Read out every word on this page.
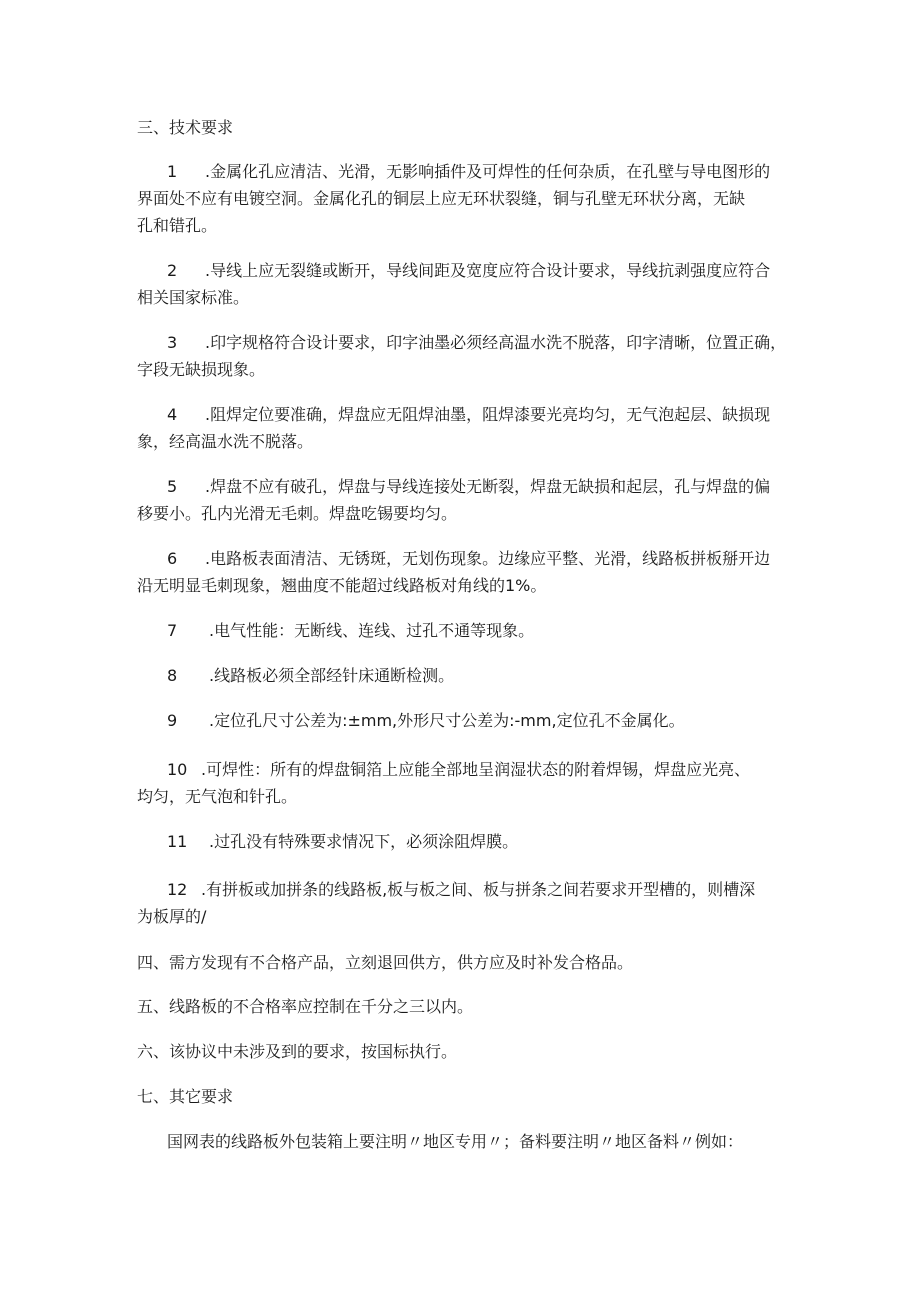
三、技术要求
1 .金属化孔应清洁、光滑，无影响插件及可焊性的任何杂质，在孔壁与导电图形的
界面处不应有电镀空洞。金属化孔的铜层上应无环状裂缝，铜与孔壁无环状分离，无缺
孔和错孔。
2 .导线上应无裂缝或断开，导线间距及宽度应符合设计要求，导线抗剥强度应符合
相关国家标准。
3 .印字规格符合设计要求，印字油墨必须经高温水洗不脱落，印字清晰，位置正确，
字段无缺损现象。
4 .阻焊定位要准确，焊盘应无阻焊油墨，阻焊漆要光亮均匀，无气泡起层、缺损现
象，经高温水洗不脱落。
5 .焊盘不应有破孔，焊盘与导线连接处无断裂，焊盘无缺损和起层，孔与焊盘的偏
移要小。孔内光滑无毛刺。焊盘吃锡要均匀。
6 .电路板表面清洁、无锈斑，无划伤现象。边缘应平整、光滑，线路板拼板掰开边
沿无明显毛刺现象，翘曲度不能超过线路板对角线的1%。
7 .电气性能：无断线、连线、过孔不通等现象。
8 .线路板必须全部经针床通断检测。
9 .定位孔尺寸公差为:±mm,外形尺寸公差为:-mm,定位孔不金属化。
10 .可焊性：所有的焊盘铜箔上应能全部地呈润湿状态的附着焊锡，焊盘应光亮、
均匀，无气泡和针孔。
11 .过孔没有特殊要求情况下，必须涂阻焊膜。
12 .有拼板或加拼条的线路板,板与板之间、板与拼条之间若要求开型槽的，则槽深
为板厚的/

四、需方发现有不合格产品，立刻退回供方，供方应及时补发合格品。

五、线路板的不合格率应控制在千分之三以内。

六、该协议中未涉及到的要求，按国标执行。

七、其它要求

国网表的线路板外包装箱上要注明〃地区专用〃；备料要注明〃地区备料〃例如：
